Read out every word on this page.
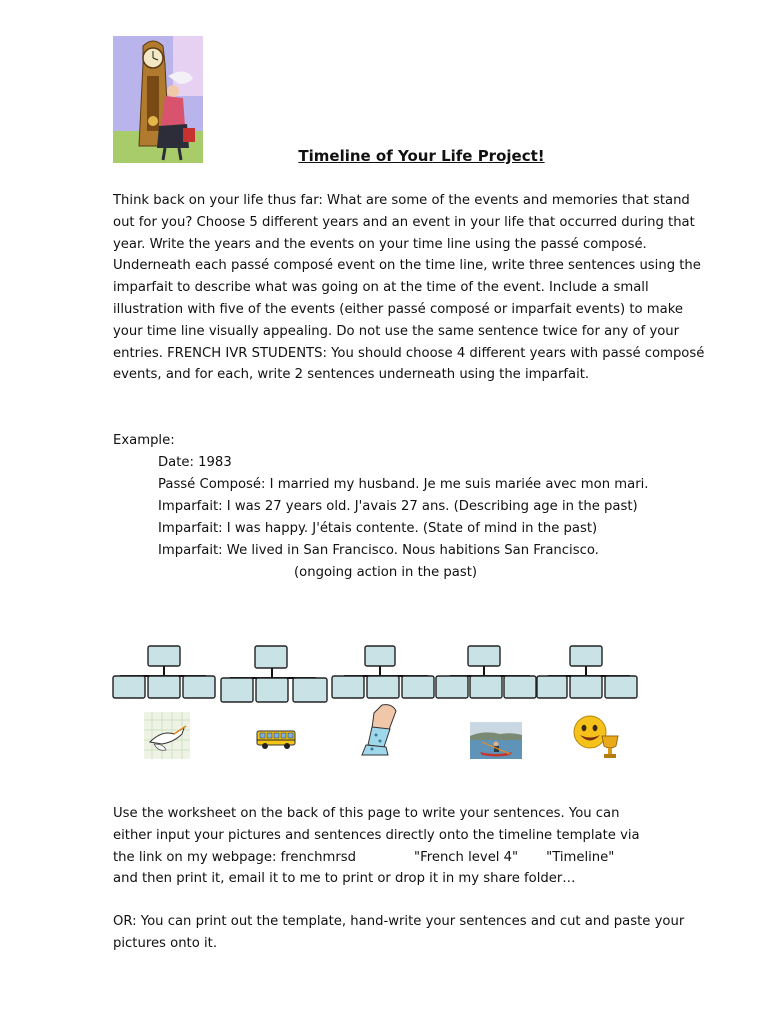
Timeline of Your Life Project!
Think back on your life thus far: What are some of the events and memories that stand out for you? Choose 5 different years and an event in your life that occurred during that year. Write the years and the events on your time line using the passé composé. Underneath each passé composé event on the time line, write three sentences using the imparfait to describe what was going on at the time of the event. Include a small illustration with five of the events (either passé composé or imparfait events) to make your time line visually appealing. Do not use the same sentence twice for any of your entries. FRENCH IVR STUDENTS: You should choose 4 different years with passé composé events, and for each, write 2 sentences underneath using the imparfait.
Example:
Date: 1983
Passé Composé: I married my husband. Je me suis mariée avec mon mari.
Imparfait: I was 27 years old. J'avais 27 ans. (Describing age in the past)
Imparfait: I was happy. J'étais contente. (State of mind in the past)
Imparfait: We lived in San Francisco. Nous habitions San Francisco.
(ongoing action in the past)
Use the worksheet on the back of this page to write your sentences. You can
either input your pictures and sentences directly onto the timeline template via
the link on my webpage: frenchmrsd	"French level 4" "Timeline"
and then print it, email it to me to print or drop it in my share folder…
OR: You can print out the template, hand-write your sentences and cut and paste your pictures onto it.
